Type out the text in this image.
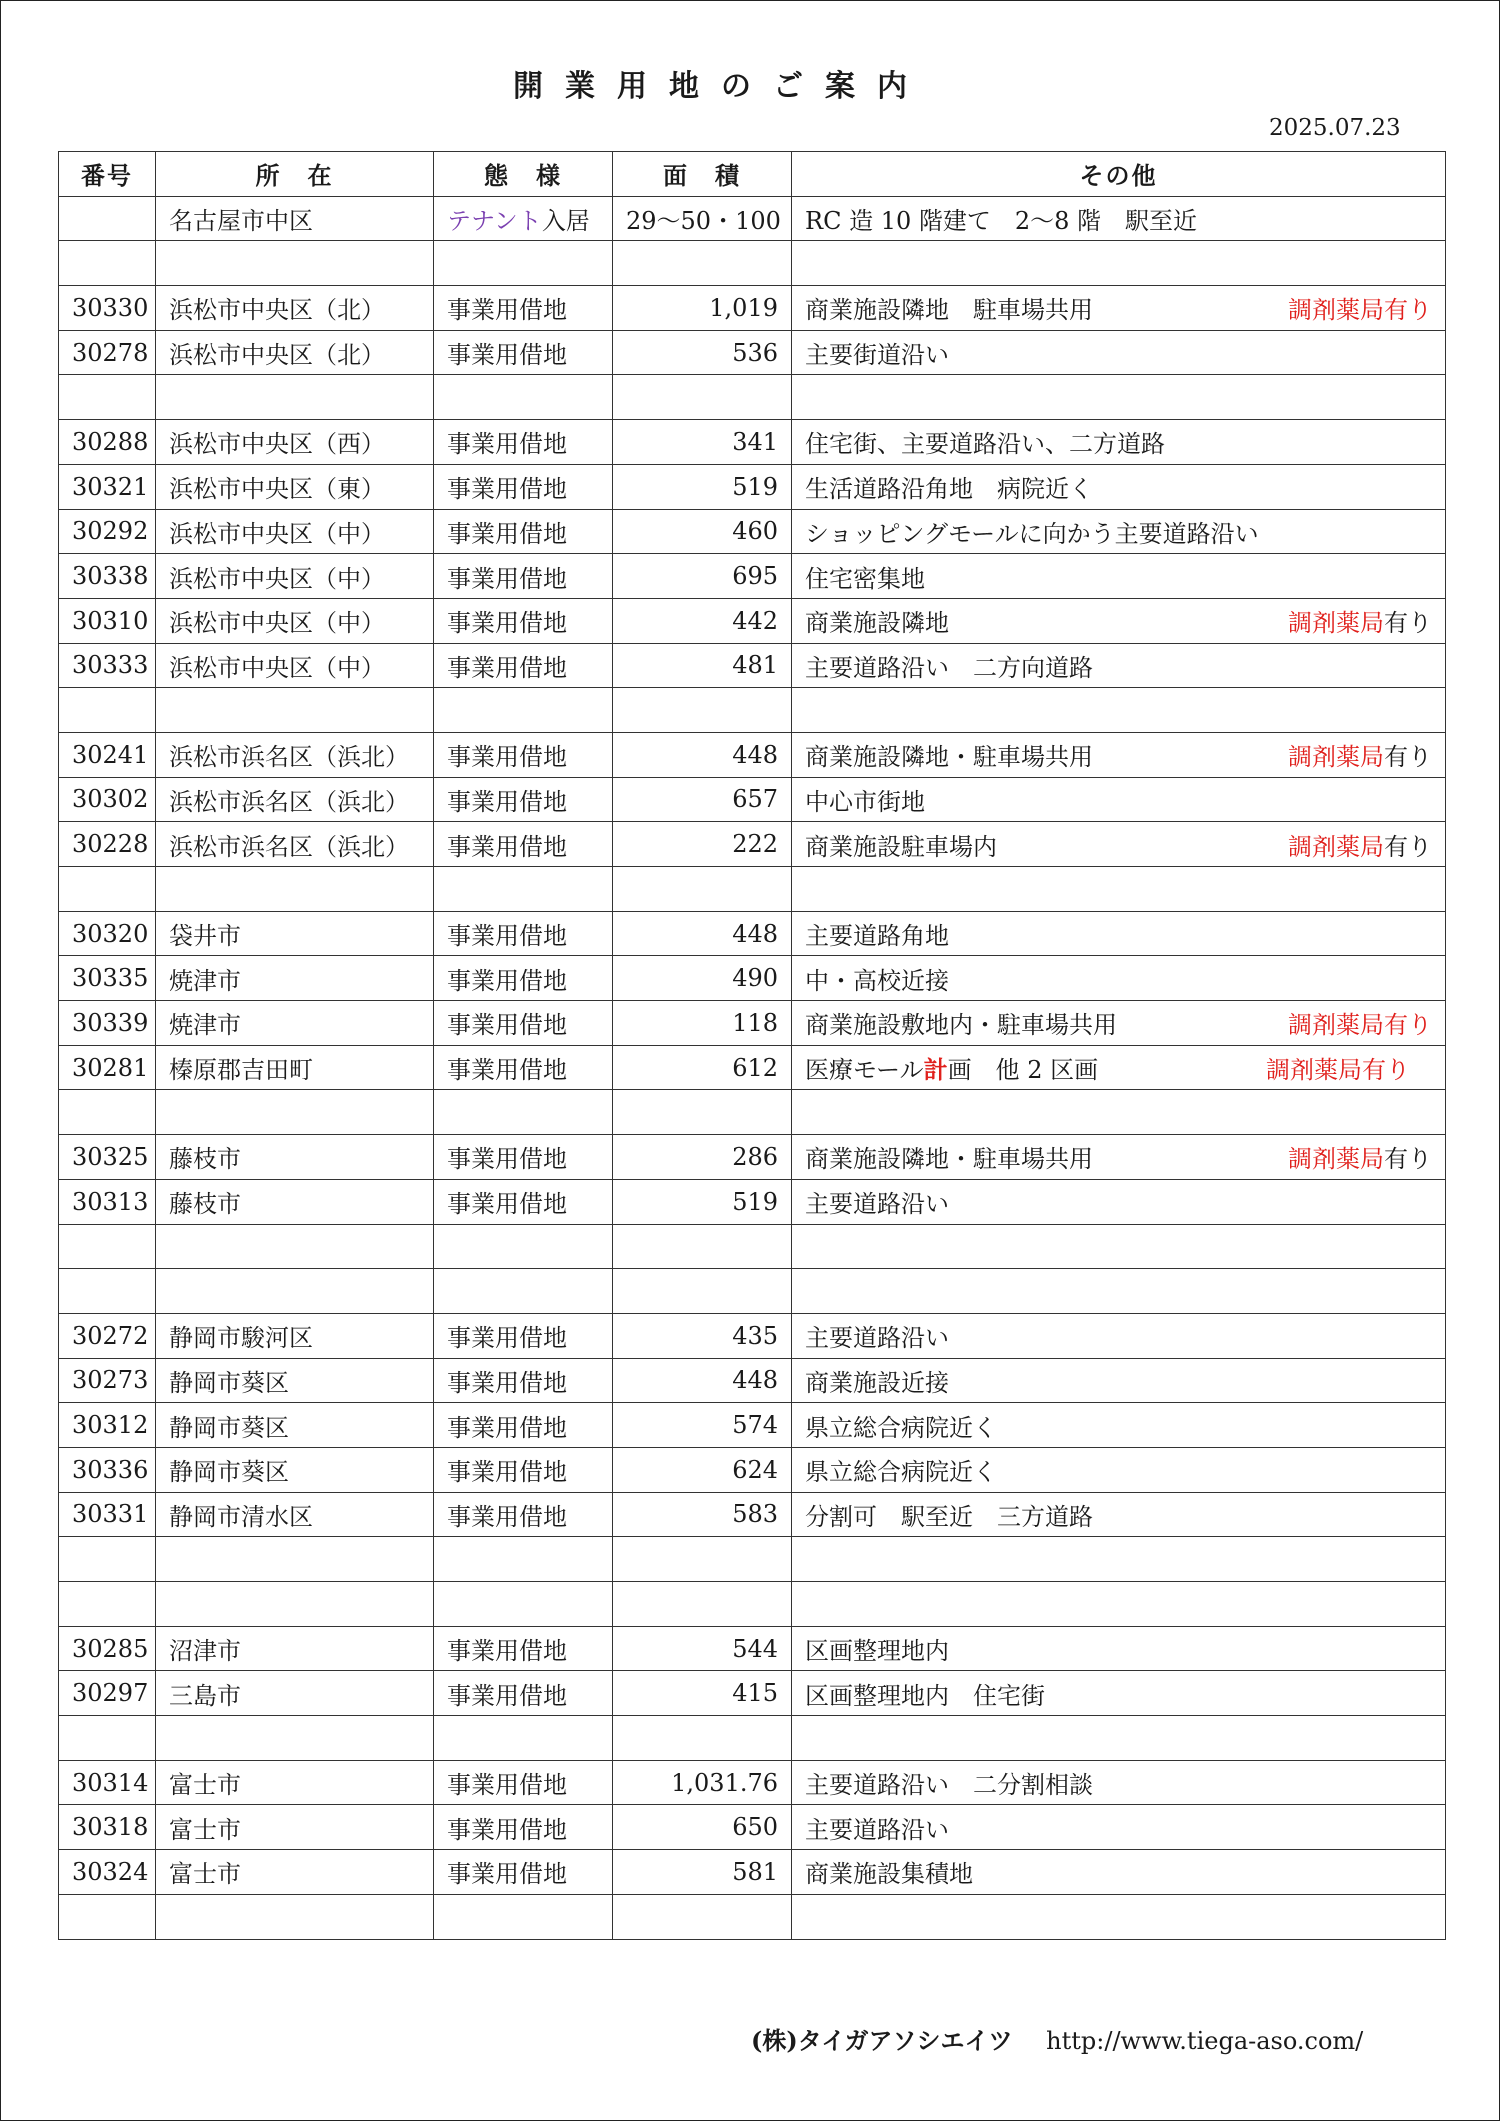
開業用地のご案内
2025.07.23
番号	所　在	態　様	面　積	その他
	名古屋市中区	テナント入居	29～50・100	RC 造 10 階建て　2～8 階　駅至近

30330	浜松市中央区（北）	事業用借地	1,019	商業施設隣地　駐車場共用 調剤薬局有り

30278	浜松市中央区（北）	事業用借地	536	主要街道沿い

30288	浜松市中央区（西）	事業用借地	341	住宅街、主要道路沿い、二方道路

30321	浜松市中央区（東）	事業用借地	519	生活道路沿角地　病院近く

30292	浜松市中央区（中）	事業用借地	460	ショッピングモールに向かう主要道路沿い

30338	浜松市中央区（中）	事業用借地	695	住宅密集地

30310	浜松市中央区（中）	事業用借地	442	商業施設隣地 調剤薬局有り

30333	浜松市中央区（中）	事業用借地	481	主要道路沿い　二方向道路

30241	浜松市浜名区（浜北）	事業用借地	448	商業施設隣地・駐車場共用 調剤薬局有り

30302	浜松市浜名区（浜北）	事業用借地	657	中心市街地

30228	浜松市浜名区（浜北）	事業用借地	222	商業施設駐車場内 調剤薬局有り

30320	袋井市	事業用借地	448	主要道路角地

30335	焼津市	事業用借地	490	中・高校近接

30339	焼津市	事業用借地	118	商業施設敷地内・駐車場共用 調剤薬局有り

30281	榛原郡吉田町	事業用借地	612	医療モール計画　他 2 区画 調剤薬局有り

30325	藤枝市	事業用借地	286	商業施設隣地・駐車場共用 調剤薬局有り

30313	藤枝市	事業用借地	519	主要道路沿い

30272	静岡市駿河区	事業用借地	435	主要道路沿い

30273	静岡市葵区	事業用借地	448	商業施設近接

30312	静岡市葵区	事業用借地	574	県立総合病院近く

30336	静岡市葵区	事業用借地	624	県立総合病院近く

30331	静岡市清水区	事業用借地	583	分割可　駅至近　三方道路

30285	沼津市	事業用借地	544	区画整理地内

30297	三島市	事業用借地	415	区画整理地内　住宅街

30314	富士市	事業用借地	1,031.76	主要道路沿い　二分割相談

30318	富士市	事業用借地	650	主要道路沿い

30324	富士市	事業用借地	581	商業施設集積地

(株)タイガアソシエイツ http://www.tiega-aso.com/
